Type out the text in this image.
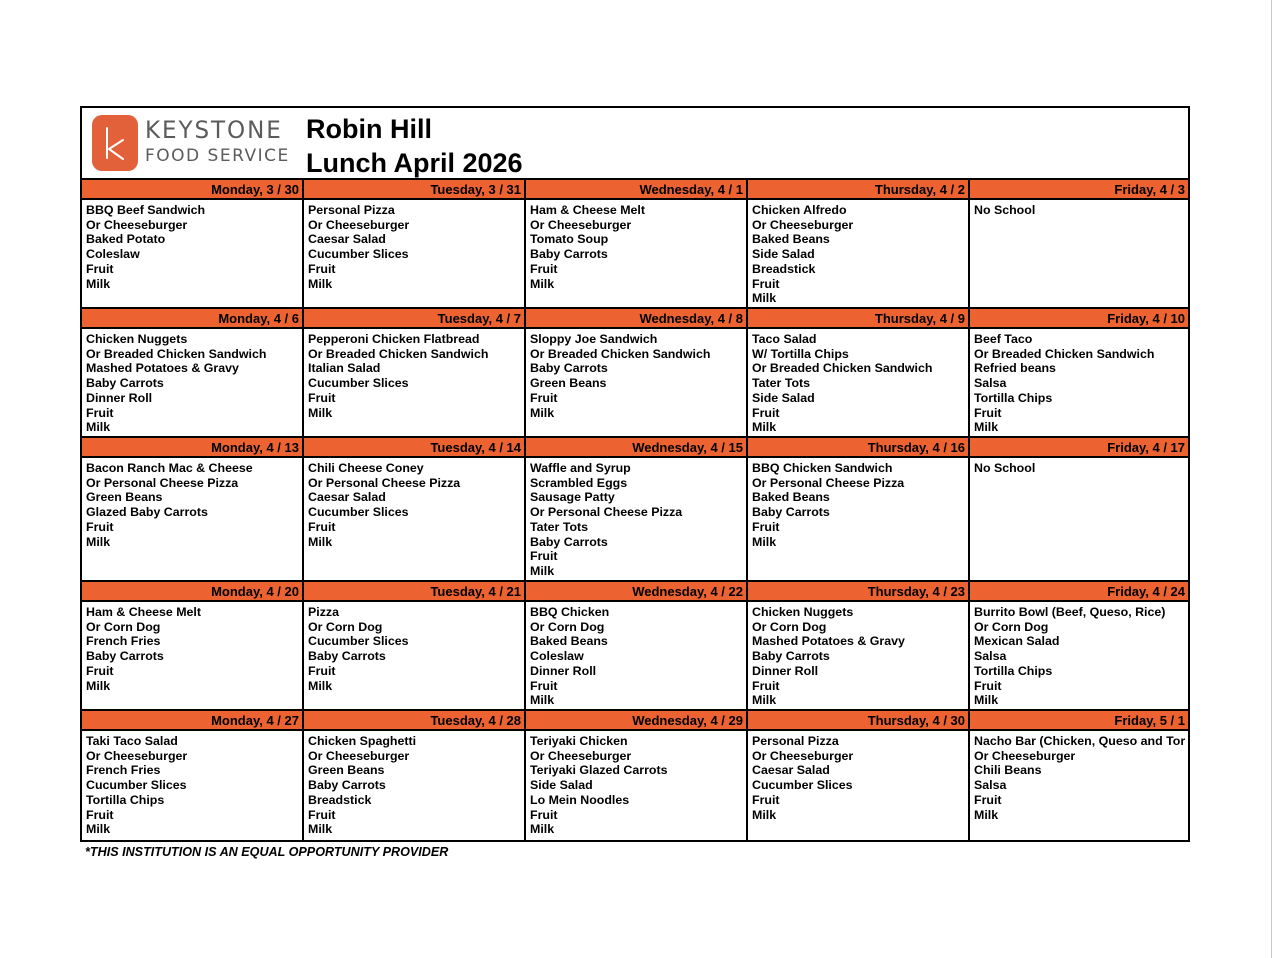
KEYSTONE
FOOD SERVICE
Robin Hill
Lunch April 2026
Monday, 3 / 30
BBQ Beef Sandwich
Or Cheeseburger
Baked Potato
Coleslaw
Fruit
Milk
Tuesday, 3 / 31
Personal Pizza
Or Cheeseburger
Caesar Salad
Cucumber Slices
Fruit
Milk
Wednesday, 4 / 1
Ham & Cheese Melt
Or Cheeseburger
Tomato Soup
Baby Carrots
Fruit
Milk
Thursday, 4 / 2
Chicken Alfredo
Or Cheeseburger
Baked Beans
Side Salad
Breadstick
Fruit
Milk
Friday, 4 / 3
No School
Monday, 4 / 6
Chicken Nuggets
Or Breaded Chicken Sandwich
Mashed Potatoes & Gravy
Baby Carrots
Dinner Roll
Fruit
Milk
Tuesday, 4 / 7
Pepperoni Chicken Flatbread
Or Breaded Chicken Sandwich
Italian Salad
Cucumber Slices
Fruit
Milk
Wednesday, 4 / 8
Sloppy Joe Sandwich
Or Breaded Chicken Sandwich
Baby Carrots
Green Beans
Fruit
Milk
Thursday, 4 / 9
Taco Salad
W/ Tortilla Chips
Or Breaded Chicken Sandwich
Tater Tots
Side Salad
Fruit
Milk
Friday, 4 / 10
Beef Taco
Or Breaded Chicken Sandwich
Refried beans
Salsa
Tortilla Chips
Fruit
Milk
Monday, 4 / 13
Bacon Ranch Mac & Cheese
Or Personal Cheese Pizza
Green Beans
Glazed Baby Carrots
Fruit
Milk
Tuesday, 4 / 14
Chili Cheese Coney
Or Personal Cheese Pizza
Caesar Salad
Cucumber Slices
Fruit
Milk
Wednesday, 4 / 15
Waffle and Syrup
Scrambled Eggs
Sausage Patty
Or Personal Cheese Pizza
Tater Tots
Baby Carrots
Fruit
Milk
Thursday, 4 / 16
BBQ Chicken Sandwich
Or Personal Cheese Pizza
Baked Beans
Baby Carrots
Fruit
Milk
Friday, 4 / 17
No School
Monday, 4 / 20
Ham & Cheese Melt
Or Corn Dog
French Fries
Baby Carrots
Fruit
Milk
Tuesday, 4 / 21
Pizza
Or Corn Dog
Cucumber Slices
Baby Carrots
Fruit
Milk
Wednesday, 4 / 22
BBQ Chicken
Or Corn Dog
Baked Beans
Coleslaw
Dinner Roll
Fruit
Milk
Thursday, 4 / 23
Chicken Nuggets
Or Corn Dog
Mashed Potatoes & Gravy
Baby Carrots
Dinner Roll
Fruit
Milk
Friday, 4 / 24
Burrito Bowl (Beef, Queso, Rice)
Or Corn Dog
Mexican Salad
Salsa
Tortilla Chips
Fruit
Milk
Monday, 4 / 27
Taki Taco Salad
Or Cheeseburger
French Fries
Cucumber Slices
Tortilla Chips
Fruit
Milk
Tuesday, 4 / 28
Chicken Spaghetti
Or Cheeseburger
Green Beans
Baby Carrots
Breadstick
Fruit
Milk
Wednesday, 4 / 29
Teriyaki Chicken
Or Cheeseburger
Teriyaki Glazed Carrots
Side Salad
Lo Mein Noodles
Fruit
Milk
Thursday, 4 / 30
Personal Pizza
Or Cheeseburger
Caesar Salad
Cucumber Slices
Fruit
Milk
Friday, 5 / 1
Nacho Bar (Chicken, Queso and Tor
Or Cheeseburger
Chili Beans
Salsa
Fruit
Milk
*THIS INSTITUTION IS AN EQUAL OPPORTUNITY PROVIDER
